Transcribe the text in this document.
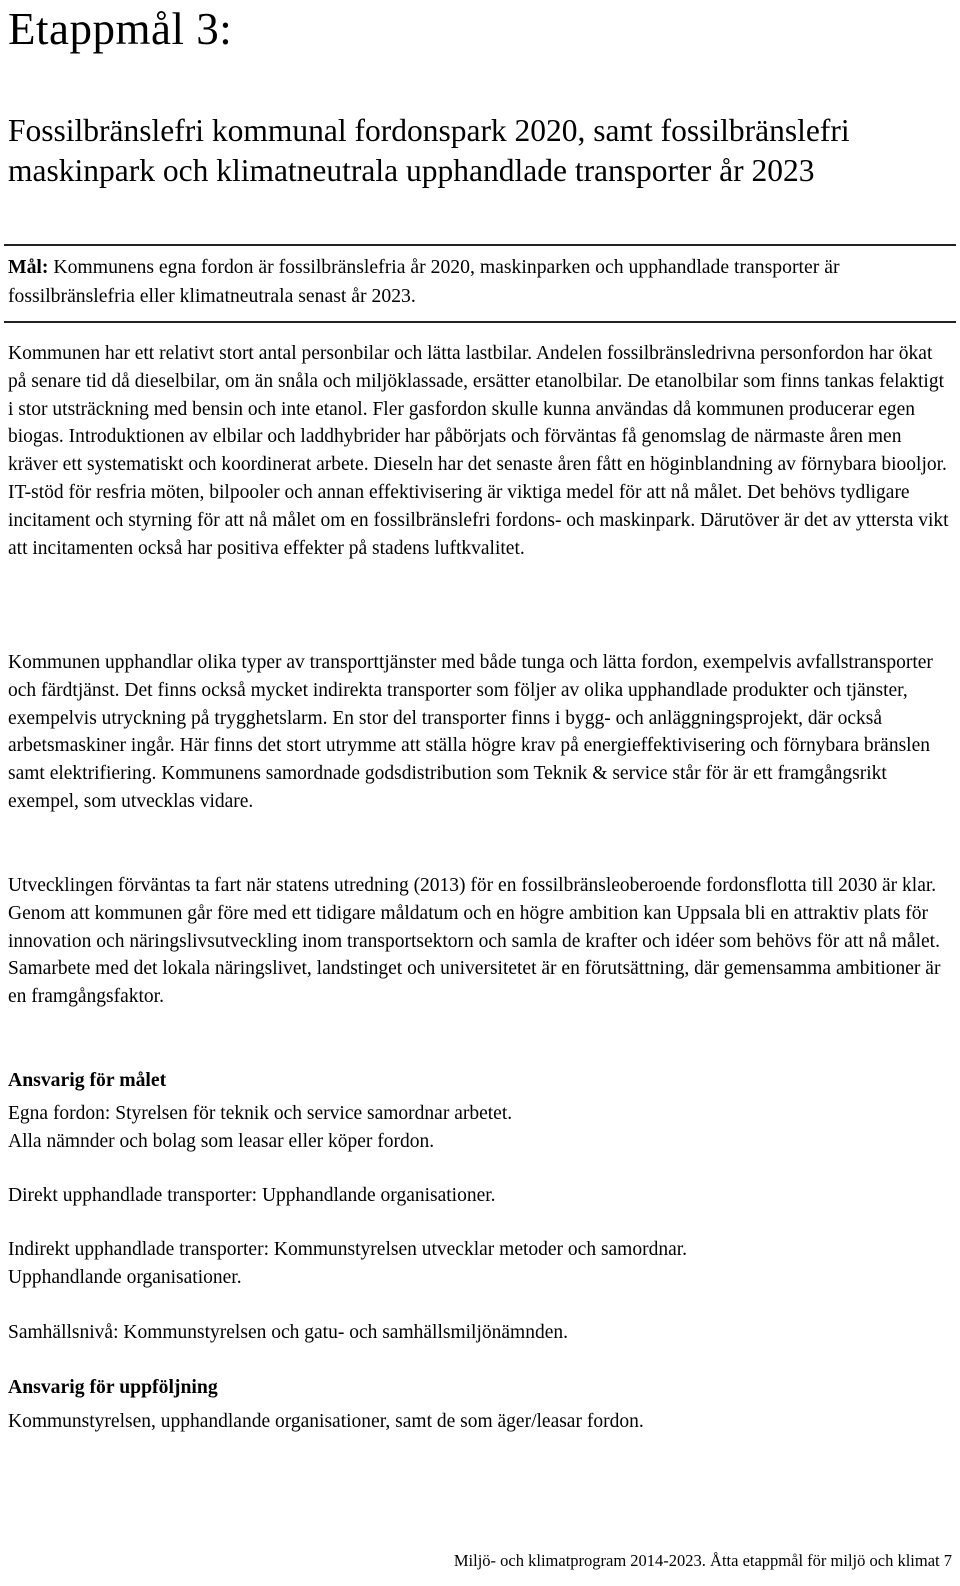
Etappmål 3:
Fossilbränslefri kommunal fordonspark 2020, samt fossilbränslefri maskinpark och klimatneutrala upphandlade transporter år 2023

Mål: Kommunens egna fordon är fossilbränslefria år 2020, maskinparken och upphandlade transporter är fossilbränslefria eller klimatneutrala senast år 2023.

Kommunen har ett relativt stort antal personbilar och lätta lastbilar. Andelen fossilbränsledrivna personfordon har ökat på senare tid då dieselbilar, om än snåla och miljöklassade, ersätter etanolbilar. De etanolbilar som finns tankas felaktigt i stor utsträckning med bensin och inte etanol. Fler gasfordon skulle kunna användas då kommunen producerar egen biogas. Introduktionen av elbilar och laddhybrider har påbörjats och förväntas få genomslag de närmaste åren men kräver ett systematiskt och koordinerat arbete. Dieseln har det senaste åren fått en höginblandning av förnybara biooljor. IT-stöd för resfria möten, bilpooler och annan effektivisering är viktiga medel för att nå målet. Det behövs tydligare incitament och styrning för att nå målet om en fossilbränslefri fordons- och maskinpark. Därutöver är det av yttersta vikt att incitamenten också har positiva effekter på stadens luftkvalitet.

Kommunen upphandlar olika typer av transporttjänster med både tunga och lätta fordon, exempelvis avfallstransporter och färdtjänst. Det finns också mycket indirekta transporter som följer av olika upphandlade produkter och tjänster, exempelvis utryckning på trygghetslarm. En stor del transporter finns i bygg- och anläggningsprojekt, där också arbetsmaskiner ingår. Här finns det stort utrymme att ställa högre krav på energieffektivisering och förnybara bränslen samt elektrifiering. Kommunens samordnade godsdistribution som Teknik & service står för är ett framgångsrikt exempel, som utvecklas vidare.

Utvecklingen förväntas ta fart när statens utredning (2013) för en fossilbränsleoberoende fordonsflotta till 2030 är klar. Genom att kommunen går före med ett tidigare måldatum och en högre ambition kan Uppsala bli en attraktiv plats för innovation och näringslivsutveckling inom transportsektorn och samla de krafter och idéer som behövs för att nå målet. Samarbete med det lokala näringslivet, landstinget och universitetet är en förutsättning, där gemensamma ambitioner är en framgångsfaktor.

Ansvarig för målet

Egna fordon: Styrelsen för teknik och service samordnar arbetet.

Alla nämnder och bolag som leasar eller köper fordon.

Direkt upphandlade transporter: Upphandlande organisationer.

Indirekt upphandlade transporter: Kommunstyrelsen utvecklar metoder och samordnar.

Upphandlande organisationer.

Samhällsnivå: Kommunstyrelsen och gatu- och samhällsmiljönämnden.

Ansvarig för uppföljning

Kommunstyrelsen, upphandlande organisationer, samt de som äger/leasar fordon.

Miljö- och klimatprogram 2014-2023. Åtta etappmål för miljö och klimat 7
